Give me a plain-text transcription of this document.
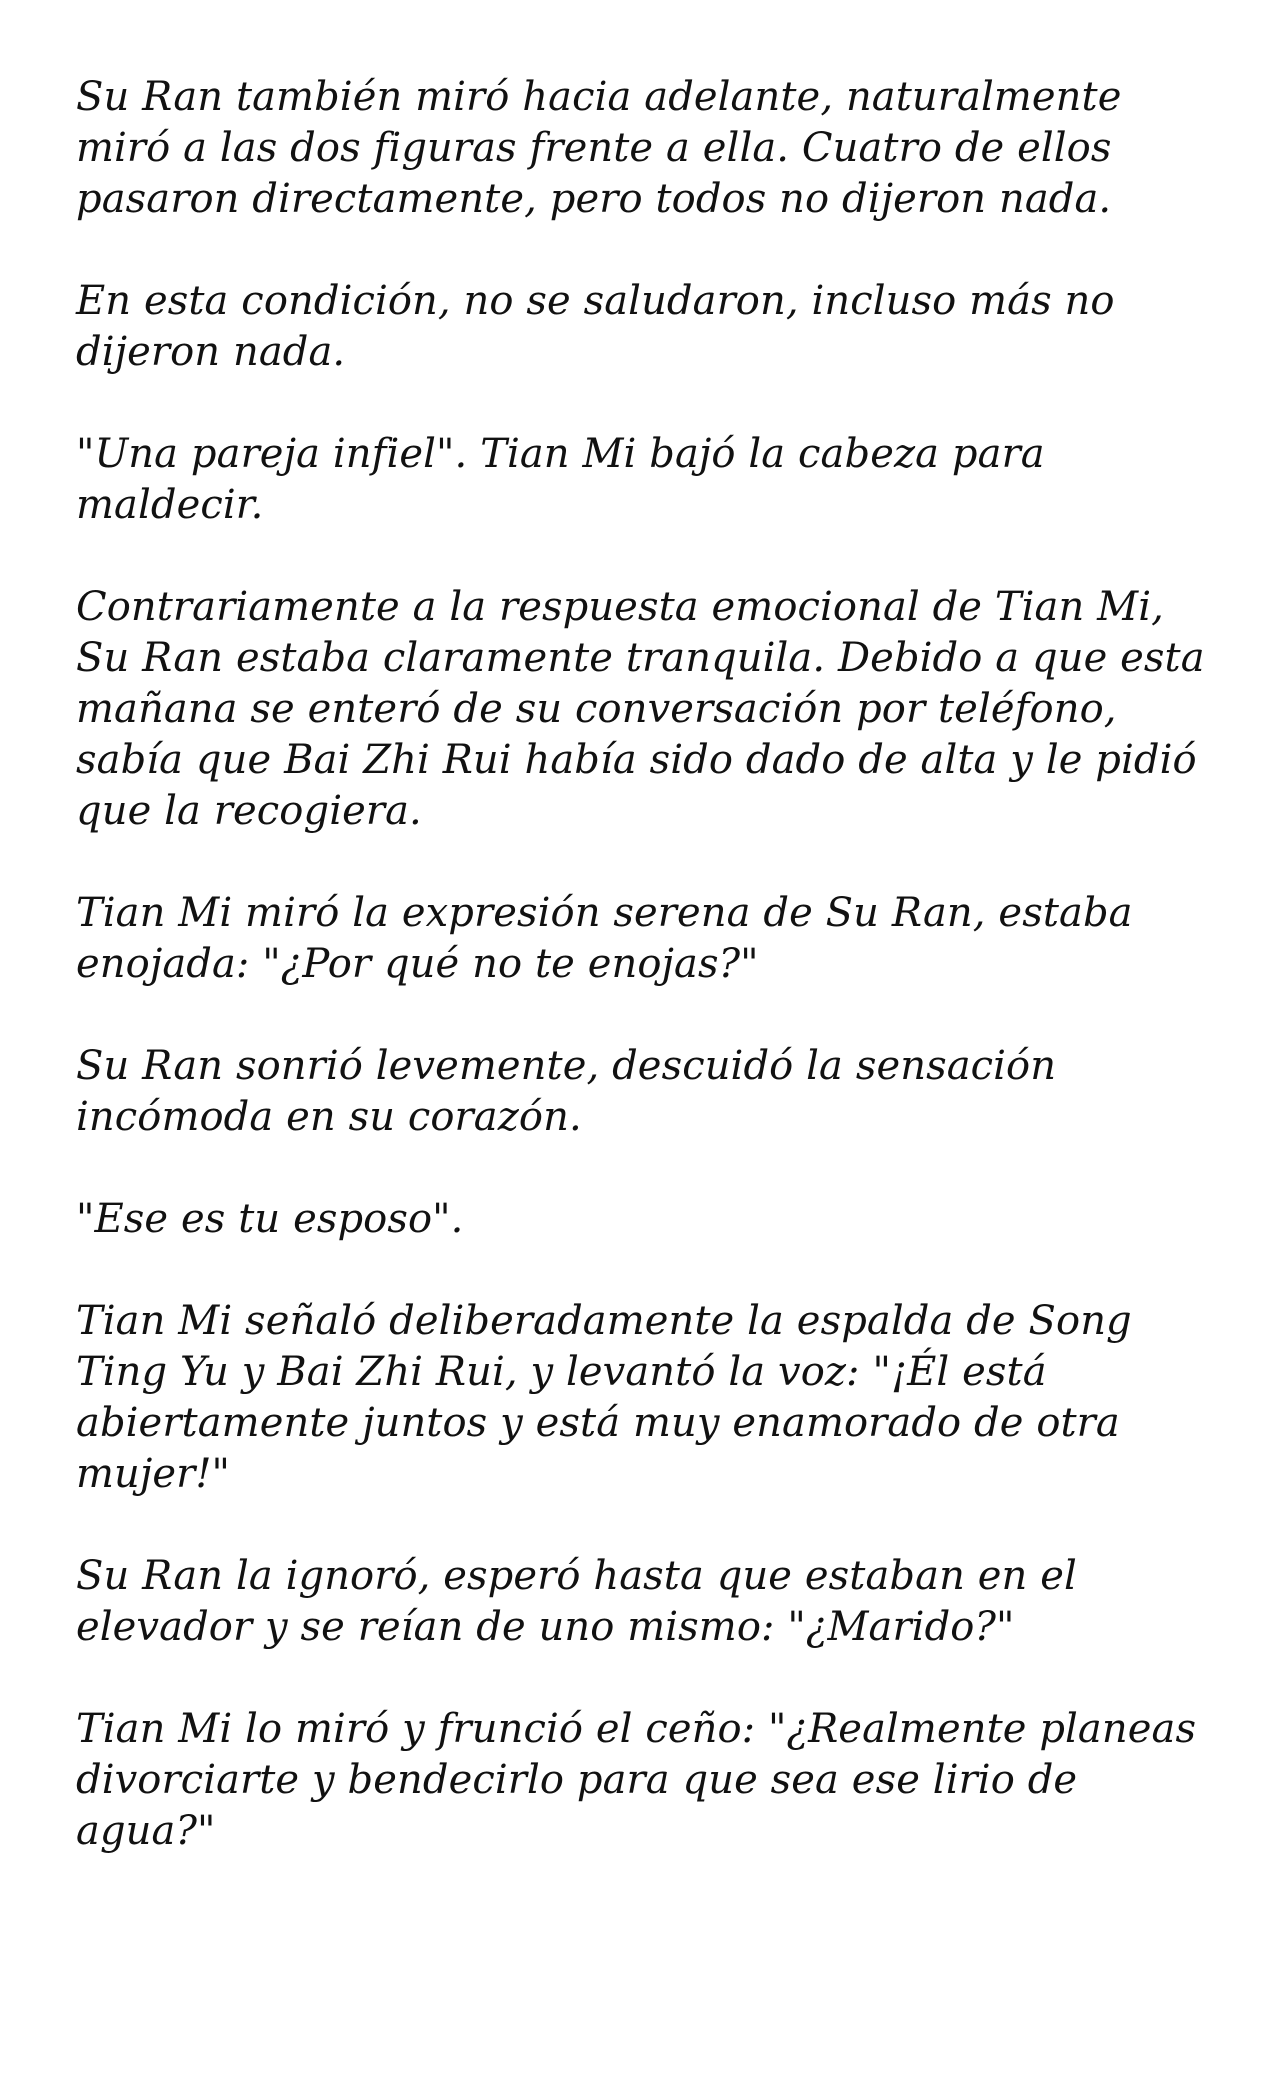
Su Ran también miró hacia adelante, naturalmente miró a las dos figuras frente a ella. Cuatro de ellos pasaron directamente, pero todos no dijeron nada.

En esta condición, no se saludaron, incluso más no dijeron nada.

"Una pareja infiel". Tian Mi bajó la cabeza para maldecir.

Contrariamente a la respuesta emocional de Tian Mi, Su Ran estaba claramente tranquila. Debido a que esta mañana se enteró de su conversación por teléfono, sabía que Bai Zhi Rui había sido dado de alta y le pidió que la recogiera.

Tian Mi miró la expresión serena de Su Ran, estaba enojada: "¿Por qué no te enojas?"

Su Ran sonrió levemente, descuidó la sensación incómoda en su corazón.

"Ese es tu esposo".

Tian Mi señaló deliberadamente la espalda de Song Ting Yu y Bai Zhi Rui, y levantó la voz: "¡Él está abiertamente juntos y está muy enamorado de otra mujer!"

Su Ran la ignoró, esperó hasta que estaban en el elevador y se reían de uno mismo: "¿Marido?"

Tian Mi lo miró y frunció el ceño: "¿Realmente planeas divorciarte y bendecirlo para que sea ese lirio de agua?"
